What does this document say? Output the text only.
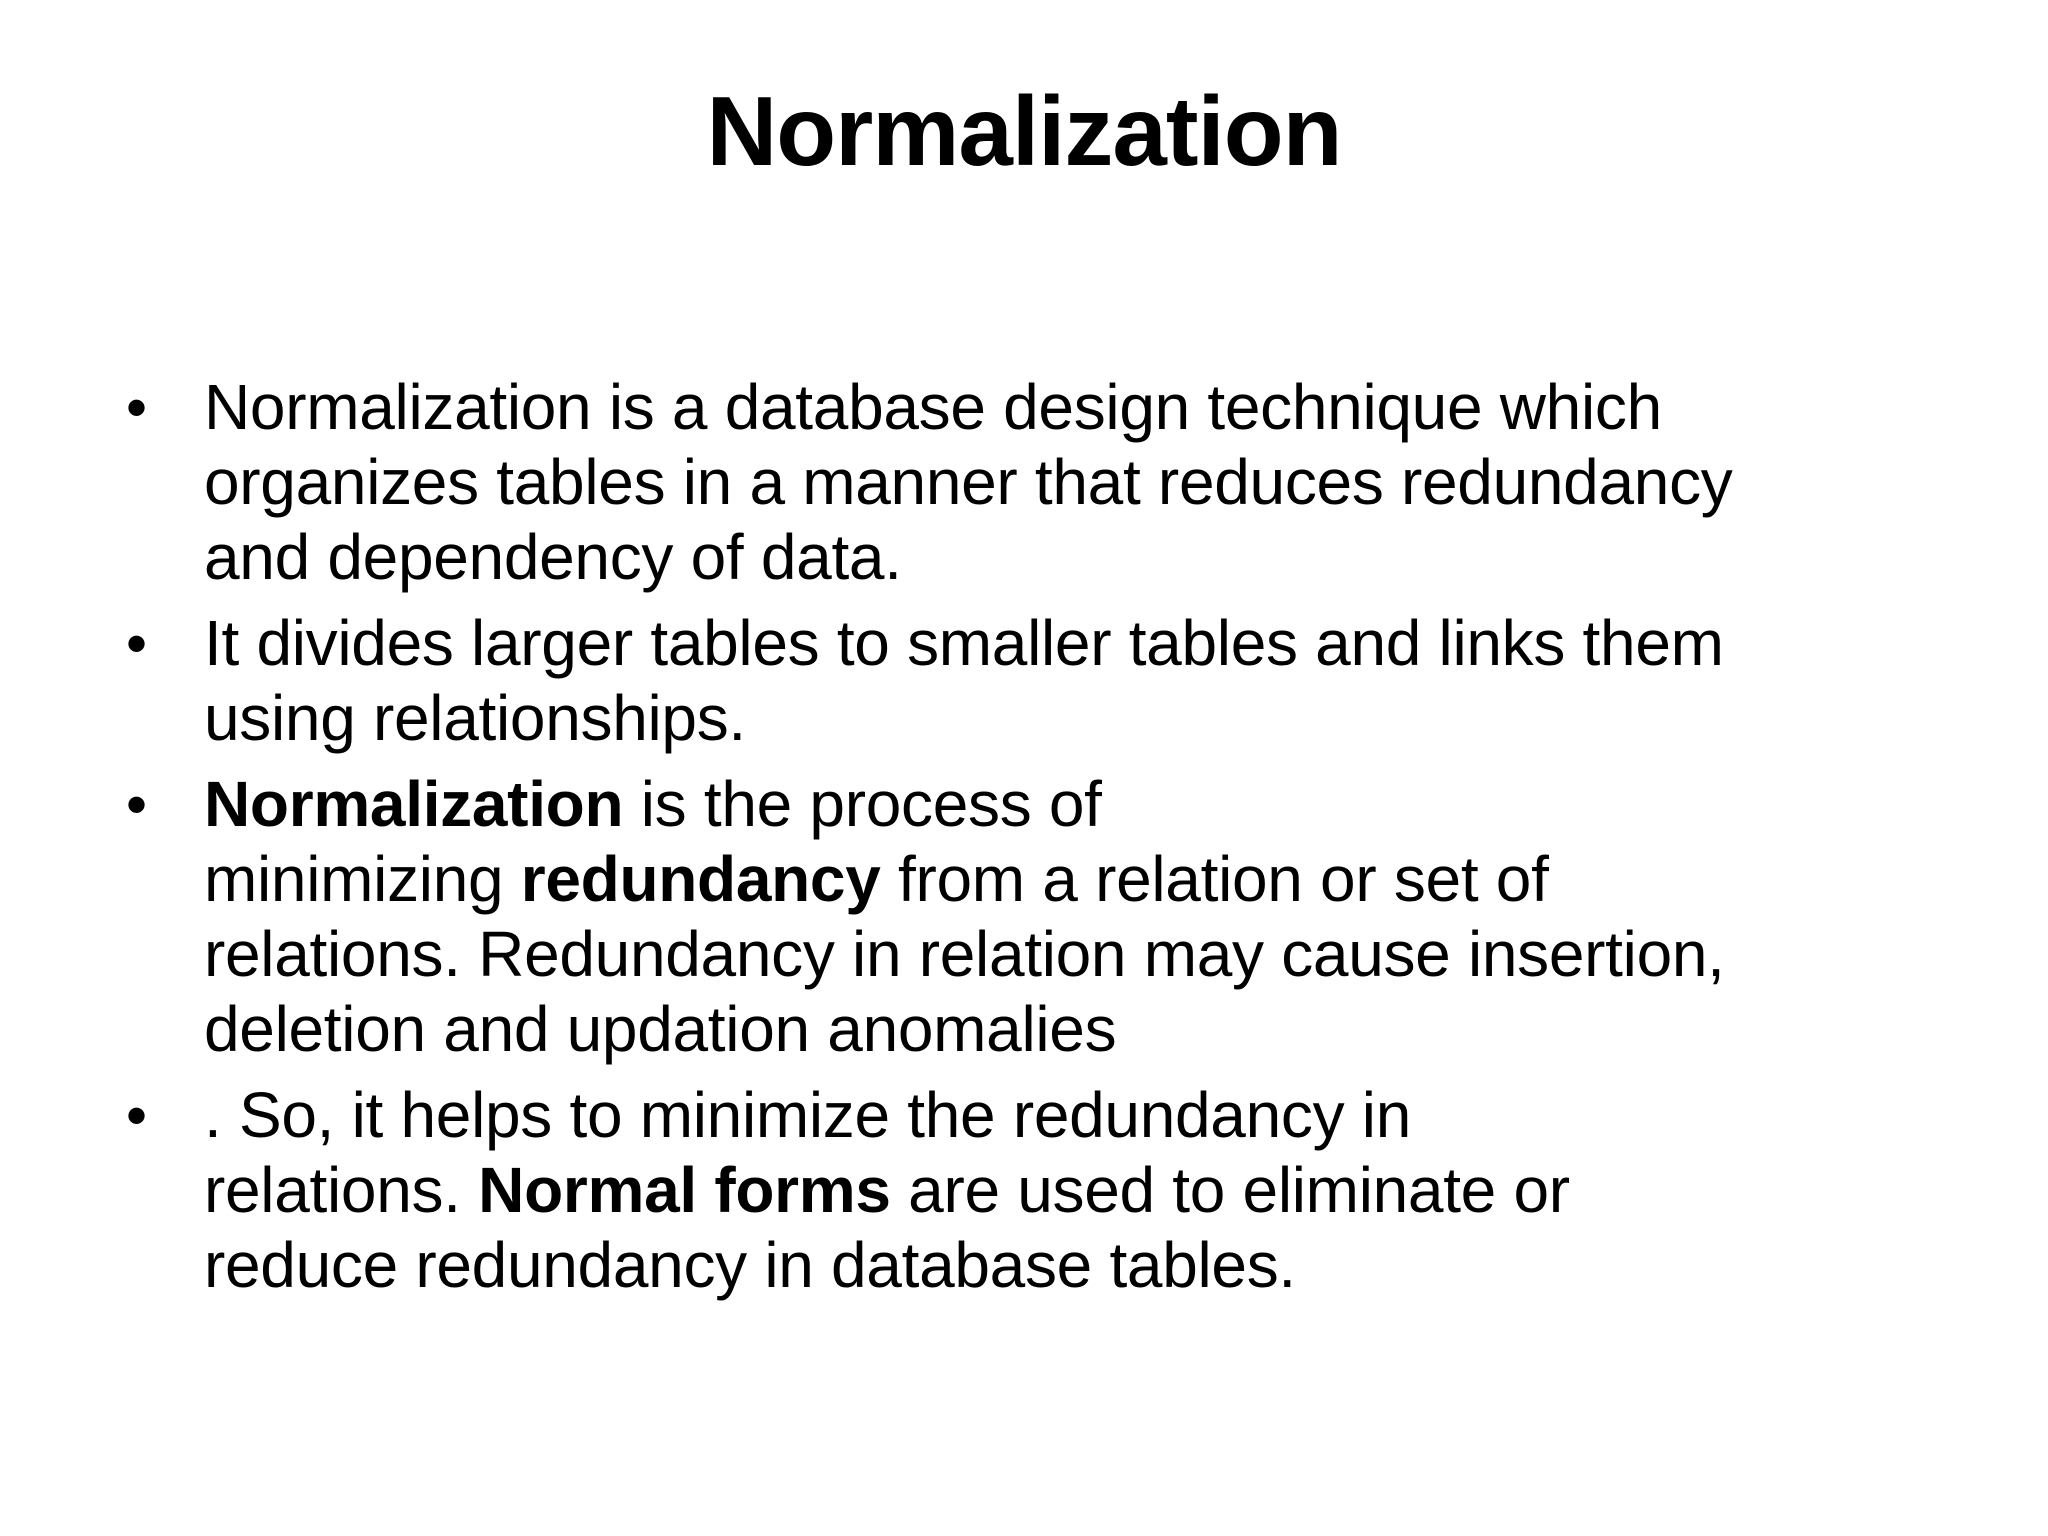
Normalization
• Normalization is a database design technique which
organizes tables in a manner that reduces redundancy
and dependency of data.
• It divides larger tables to smaller tables and links them
using relationships.
• Normalization is the process of
minimizing redundancy from a relation or set of
relations. Redundancy in relation may cause insertion,
deletion and updation anomalies
• . So, it helps to minimize the redundancy in
relations. Normal forms are used to eliminate or
reduce redundancy in database tables.
